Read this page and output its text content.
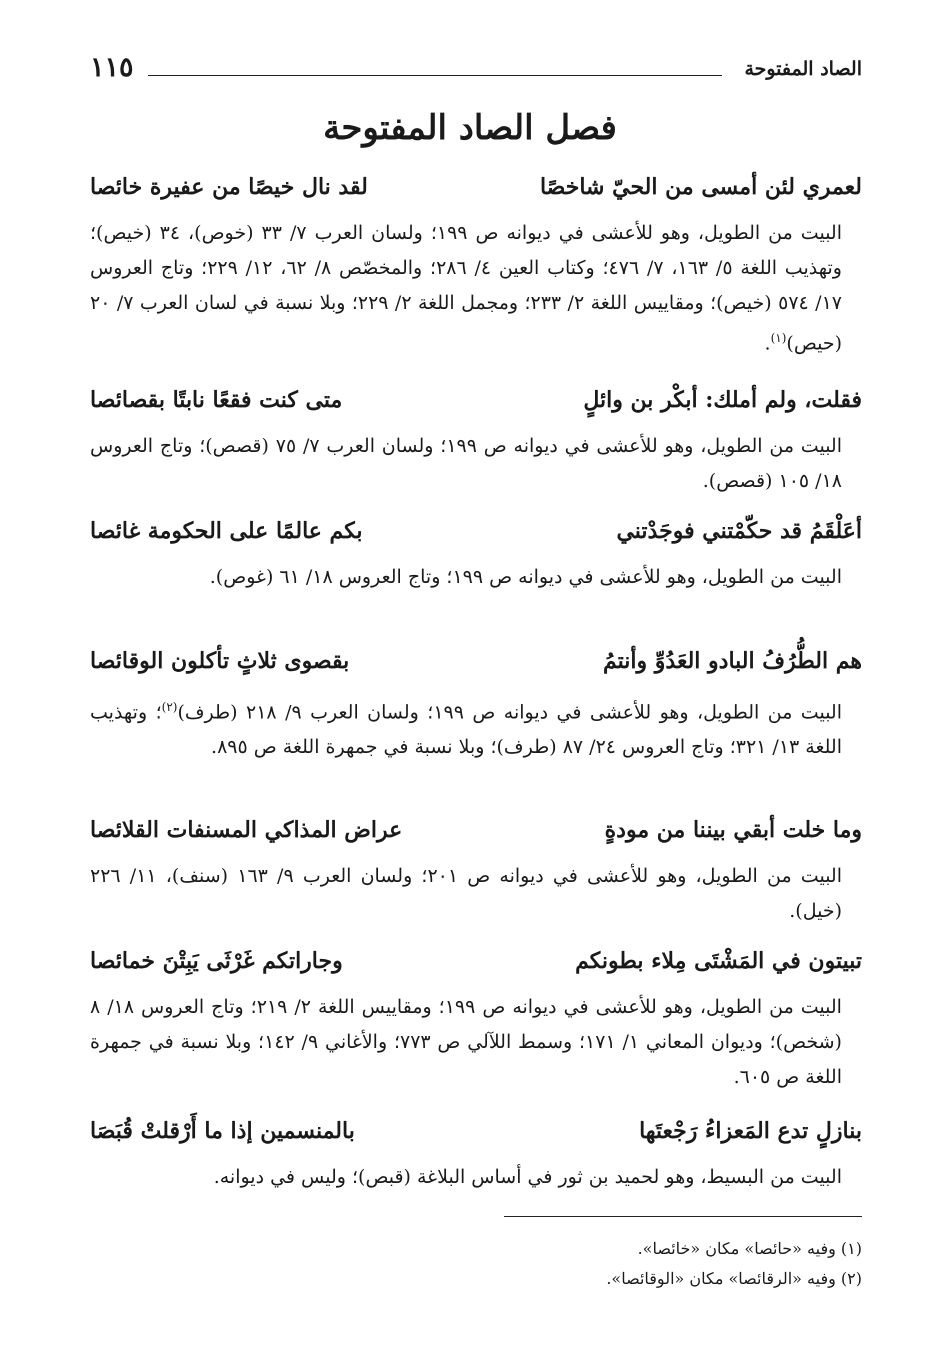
الصاد المفتوحة
١١٥
فصل الصاد المفتوحة
لعمري لئن أمسى من الحيّ شاخصًا
لقد نال خيصًا من عفيرة خائصا

البيت من الطويل، وهو للأعشى في ديوانه ص ١٩٩؛ ولسان العرب ٧/ ٣٣ (خوص)، ٣٤ (خيص)؛ وتهذيب اللغة ٥/ ١٦٣، ٧/ ٤٧٦؛ وكتاب العين ٤/ ٢٨٦؛ والمخصّص ٨/ ٦٢، ١٢/ ٢٢٩؛ وتاج العروس ١٧/ ٥٧٤ (خيص)؛ ومقاييس اللغة ٢/ ٢٣٣؛ ومجمل اللغة ٢/ ٢٢٩؛ وبلا نسبة في لسان العرب ٧/ ٢٠ (حيص)$^{(١)}$.

فقلت، ولم أملك: أبكْر بن وائلٍ
متى كنت فقعًا نابتًا بقصائصا

البيت من الطويل، وهو للأعشى في ديوانه ص ١٩٩؛ ولسان العرب ٧/ ٧٥ (قصص)؛ وتاج العروس ١٨/ ١٠٥ (قصص).

أعَلْقَمُ قد حكّمْتني فوجَدْتني
بكم عالمًا على الحكومة غائصا

البيت من الطويل، وهو للأعشى في ديوانه ص ١٩٩؛ وتاج العروس ١٨/ ٦١ (غوص).

هم الطُّرُفُ البادو العَدُوِّ وأنتمُ
بقصوى ثلاثٍ تأكلون الوقائصا

البيت من الطويل، وهو للأعشى في ديوانه ص ١٩٩؛ ولسان العرب ٩/ ٢١٨ (طرف)$^{(٢)}$؛ وتهذيب اللغة ١٣/ ٣٢١؛ وتاج العروس ٢٤/ ٨٧ (طرف)؛ وبلا نسبة في جمهرة اللغة ص ٨٩٥.

وما خلت أبقي بيننا من مودةٍ
عراض المذاكي المسنفات القلائصا

البيت من الطويل، وهو للأعشى في ديوانه ص ٢٠١؛ ولسان العرب ٩/ ١٦٣ (سنف)، ١١/ ٢٢٦ (خيل).

تبيتون في المَشْتَى مِلاء بطونكم
وجاراتكم غَرْثَى يَبِتْنَ خمائصا

البيت من الطويل، وهو للأعشى في ديوانه ص ١٩٩؛ ومقاييس اللغة ٢/ ٢١٩؛ وتاج العروس ١٨/ ٨ (شخص)؛ وديوان المعاني ١/ ١٧١؛ وسمط اللآلي ص ٧٧٣؛ والأغاني ٩/ ١٤٢؛ وبلا نسبة في جمهرة اللغة ص ٦٠٥.

بنازلٍ تدع المَعزاءُ رَجْعتَها
بالمنسمين إذا ما أَرْقلتْ قُبَصَا

البيت من البسيط، وهو لحميد بن ثور في أساس البلاغة (قبص)؛ وليس في ديوانه.

(١) وفيه «حائصا» مكان «خائصا».
(٢) وفيه «الرقائصا» مكان «الوقائصا».
